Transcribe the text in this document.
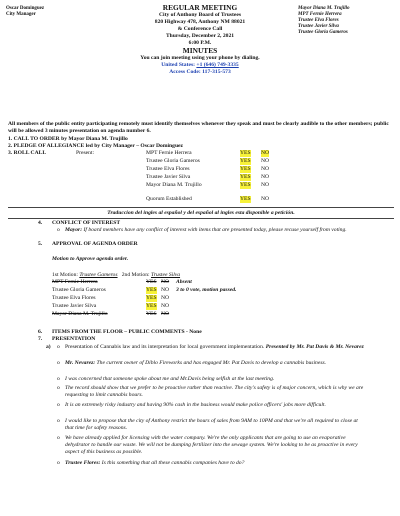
Oscar Dominguez
City Manager
Mayor Diana M. Trujillo
MPT Fernie Herrera
Trustee Elva Flores
Trustee Javier Silva
Trustee Gloria Gameros
REGULAR MEETING
City of Anthony Board of Trustees
820 Highway 478, Anthony NM 88021
& Conference Call
Thursday, December 2, 2021
6:00 P.M.
MINUTES
You can join meeting using your phone by dialing.
United States: +1 (646) 749-3335
Access Code: 117-315-573
All members of the public entity participating remotely must identify themselves whenever they speak and must be clearly audible to the other members; public will be allowed 3 minutes presentation on agenda number 6.
1. CALL TO ORDER by Mayor Diana M. Trujillo
2. PLEDGE OF ALLEGIANCE led by City Manager – Oscar Dominguez
3. ROLL CALL	Present:	MPT Fernie Herrera	YES NO
Trustee Gloria Gameros	YES NO
Trustee Elva Flores	YES NO
Trustee Javier Silva	YES NO
Mayor Diana M. Trujillo	YES NO
Quorum Established	YES NO
Traduccion del ingles al español y del español al ingles esta disponible a petición.
4. CONFLICT OF INTEREST
o Mayor: If board members have any conflict of interest with items that are presented today, please recuse yourself from voting.
5. APPROVAL OF AGENDA ORDER
Motion to Approve agenda order.
1st Motion: Trustee Gameros 2nd Motion: Trustee Silva
MPT Fernie Herrera	YES NO Absent
Trustee Gloria Gameros	YES NO 3 to 0 vote, motion passed.
Trustee Elva Flores	YES NO
Trustee Javier Silva	YES NO
Mayor Diana M. Trujillo	YES NO
6. ITEMS FROM THE FLOOR – PUBLIC COMMENTS - None
7. PRESENTATION
a) o Presentation of Cannabis law and its interpretation for local government implementation. Presented by Mr. Pat Davis & Mr. Nevarez
o Mr. Nevarez: The current owner of Diblo Fireworks and has engaged Mr. Pat Davis to develop a cannabis business.
o I was concerned that someone spoke about me and Mr.Davis being selfish at the last meeting.
o The record should show that we prefer to be proactive rather than reactive. The city's safety is of major concern, which is why we are requesting to limit cannabis hours.
o It is an extremely risky industry and having 90% cash in the business would make police officers' jobs more difficult.
o I would like to propose that the city of Anthony restrict the hours of sales from 9AM to 10PM and that we're all required to close at that time for safety reasons.
o We have already applied for licensing with the water company. We're the only applicants that are going to use an evaporative dehydrator to handle our waste. We will not be dumping fertilizer into the sewage system. We're looking to be as proactive in every aspect of this business as possible.
o Trustee Flores: Is this something that all these cannabis companies have to do?
